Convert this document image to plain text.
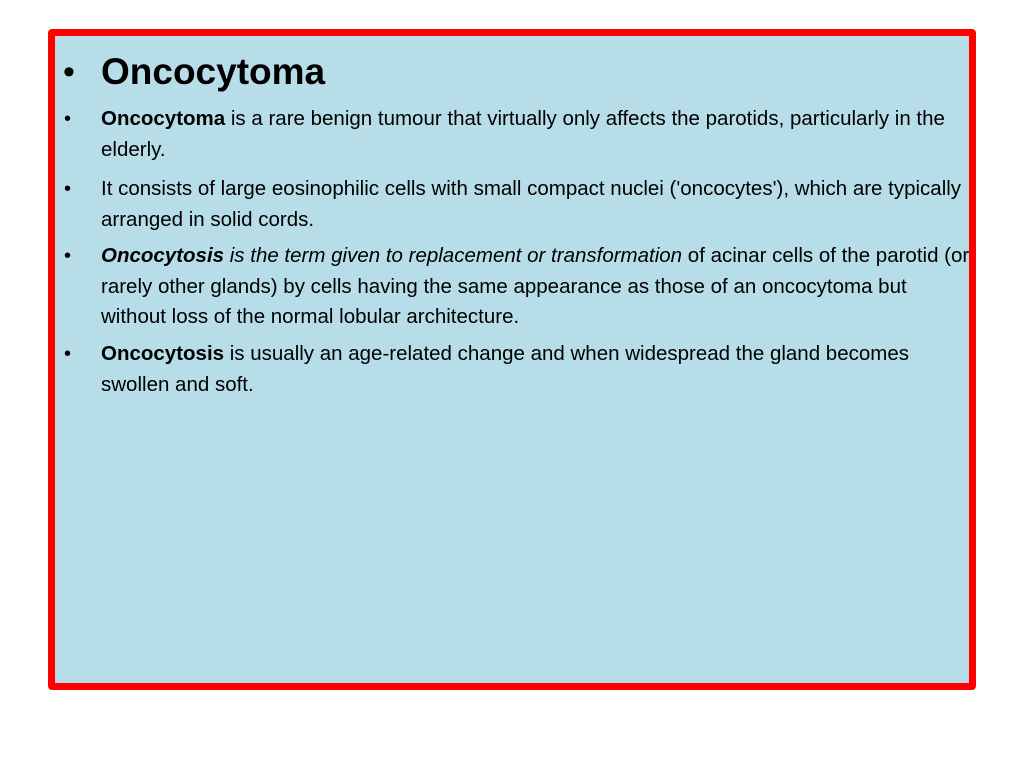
• Oncocytoma
• Oncocytoma is a rare benign tumour that virtually only affects the parotids, particularly in the elderly.
• It consists of large eosinophilic cells with small compact nuclei ('oncocytes'), which are typically arranged in solid cords.
• Oncocytosis is the term given to replacement or transformation of acinar cells of the parotid (or rarely other glands) by cells having the same appearance as those of an oncocytoma but without loss of the normal lobular architecture.
• Oncocytosis is usually an age-related change and when widespread the gland becomes swollen and soft.
